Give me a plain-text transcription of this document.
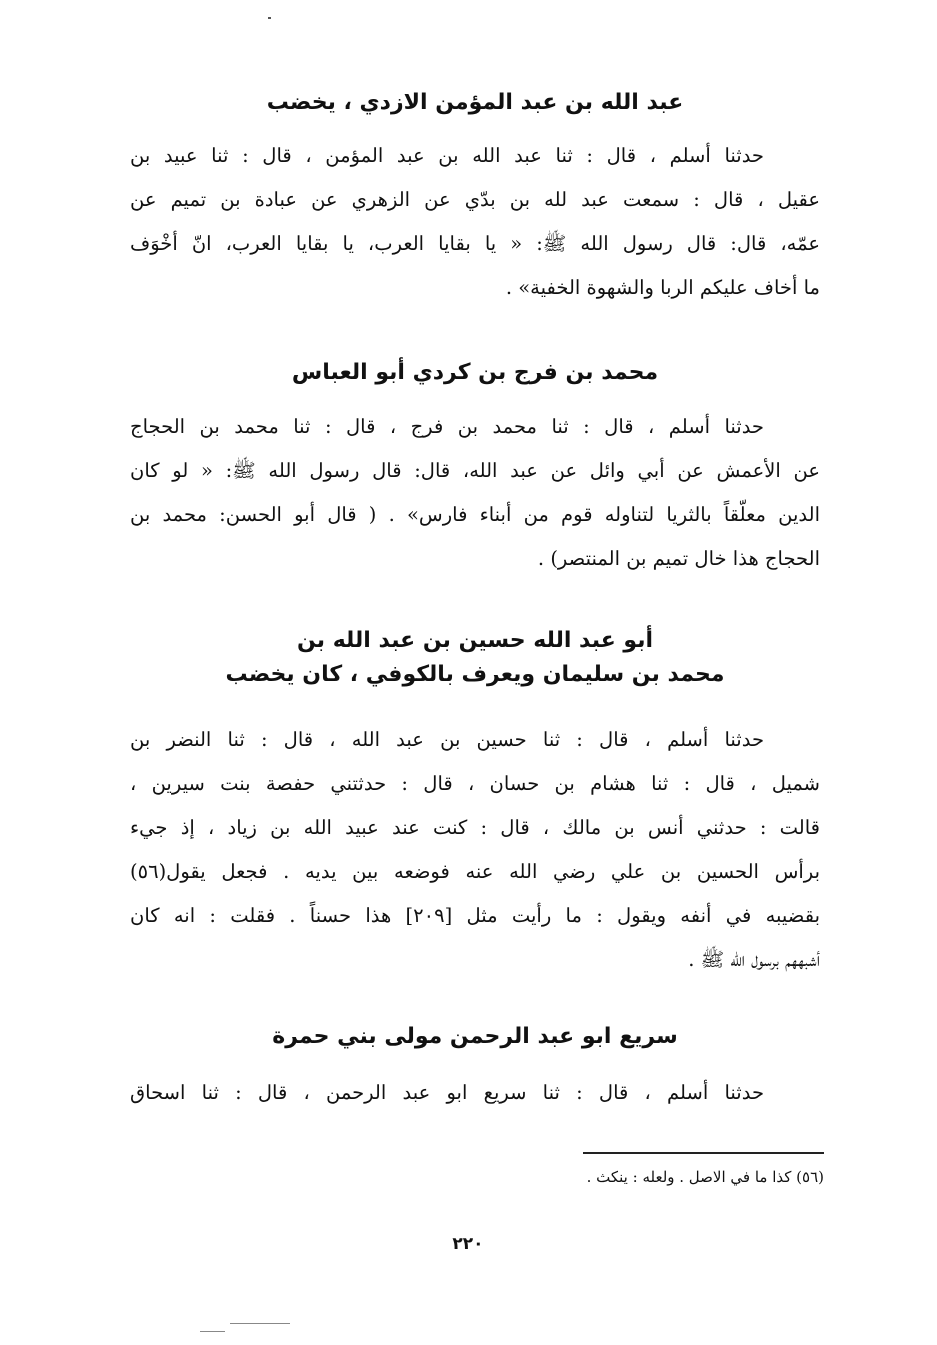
عبد الله بن عبد المؤمن الازدي ، يخضب
حدثنا أسلم ، قال : ثنا عبد الله بن عبد المؤمن ، قال : ثنا عبيد بن
عقيل ، قال : سمعت عبد لله بن بدّي عن الزهري عن عبادة بن تميم عن
عمّه، قال: قال رسول الله ﷺ: « يا بقايا العرب، يا بقايا العرب، انّ أخْوَف
ما أخاف عليكم الربا والشهوة الخفية» .
محمد بن فرج بن كردي أبو العباس
حدثنا أسلم ، قال : ثنا محمد بن فرج ، قال : ثنا محمد بن الحجاج
عن الأعمش عن أبي وائل عن عبد الله، قال: قال رسول الله ﷺ: « لو كان
الدين معلّقاً بالثريا لتناوله قوم من أبناء فارس» . ( قال أبو الحسن: محمد بن
الحجاج هذا خال تميم بن المنتصر) .
أبو عبد الله حسين بن عبد الله بن
محمد بن سليمان ويعرف بالكوفي ، كان يخضب
حدثنا أسلم ، قال : ثنا حسين بن عبد الله ، قال : ثنا النضر بن
شميل ، قال : ثنا هشام بن حسان ، قال : حدثتني حفصة بنت سيرين ،
قالت : حدثني أنس بن مالك ، قال : كنت عند عبيد الله بن زياد ، إذ جيء
برأس الحسين بن علي رضي الله عنه فوضعه بين يديه . فجعل يقول(٥٦)
بقضيبه في أنفه ويقول : ما رأيت مثل [٢٠٩] هذا حسناً . فقلت : انه كان
أشبههم برسول الله ﷺ .
سريع ابو عبد الرحمن مولى بني حمرة
حدثنا أسلم ، قال : ثنا سريع ابو عبد الرحمن ، قال : ثنا اسحاق
(٥٦) كذا ما في الاصل . ولعله : ينكث .
٢٢٠
